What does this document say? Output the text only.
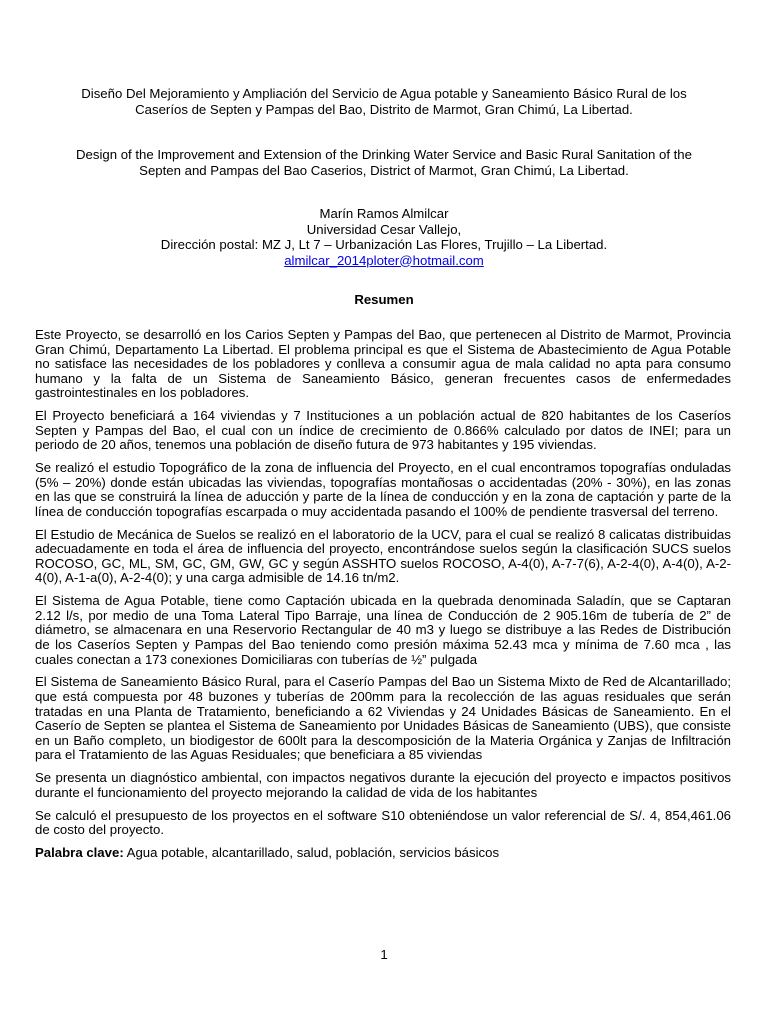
Diseño Del Mejoramiento y Ampliación del Servicio de Agua potable y Saneamiento Básico Rural de los
Caseríos de Septen y Pampas del Bao, Distrito de Marmot, Gran Chimú, La Libertad.
Design of the Improvement and Extension of the Drinking Water Service and Basic Rural Sanitation of the
Septen and Pampas del Bao Caserios, District of Marmot, Gran Chimú, La Libertad.
Marín Ramos Almilcar
Universidad Cesar Vallejo,
Dirección postal: MZ J, Lt 7 – Urbanización Las Flores, Trujillo – La Libertad.
almilcar_2014ploter@hotmail.com
Resumen

Este Proyecto, se desarrolló en los Carios Septen y Pampas del Bao, que pertenecen al Distrito de Marmot, Provincia Gran Chimú, Departamento La Libertad. El problema principal es que el Sistema de Abastecimiento de Agua Potable no satisface las necesidades de los pobladores y conlleva a consumir agua de mala calidad no apta para consumo humano y la falta de un Sistema de Saneamiento Básico, generan frecuentes casos de enfermedades gastrointestinales en los pobladores.

El Proyecto beneficiará a 164 viviendas y 7 Instituciones a un población actual de 820 habitantes de los Caseríos Septen y Pampas del Bao, el cual con un índice de crecimiento de 0.866% calculado por datos de INEI; para un periodo de 20 años, tenemos una población de diseño futura de 973 habitantes y 195 viviendas.

Se realizó el estudio Topográfico de la zona de influencia del Proyecto, en el cual encontramos topografías onduladas (5% – 20%) donde están ubicadas las viviendas, topografías montañosas o accidentadas (20% - 30%), en las zonas en las que se construirá la línea de aducción y parte de la línea de conducción y en la zona de captación y parte de la línea de conducción topografías escarpada o muy accidentada pasando el 100% de pendiente trasversal del terreno.

El Estudio de Mecánica de Suelos se realizó en el laboratorio de la UCV, para el cual se realizó 8 calicatas distribuidas adecuadamente en toda el área de influencia del proyecto, encontrándose suelos según la clasificación SUCS suelos ROCOSO, GC, ML, SM, GC, GM, GW, GC y según ASSHTO suelos ROCOSO, A-4(0), A-7-7(6), A-2-4(0), A-4(0), A-2-4(0), A-1-a(0), A-2-4(0); y una carga admisible de 14.16 tn/m2.

El Sistema de Agua Potable, tiene como Captación ubicada en la quebrada denominada Saladín, que se Captaran 2.12 l/s, por medio de una Toma Lateral Tipo Barraje, una línea de Conducción de 2 905.16m de tubería de 2” de diámetro, se almacenara en una Reservorio Rectangular de 40 m3 y luego se distribuye a las Redes de Distribución de los Caseríos Septen y Pampas del Bao teniendo como presión máxima 52.43 mca y mínima de 7.60 mca , las cuales conectan a 173 conexiones Domiciliaras con tuberías de ½” pulgada

El Sistema de Saneamiento Básico Rural, para el Caserío Pampas del Bao un Sistema Mixto de Red de Alcantarillado; que está compuesta por 48 buzones y tuberías de 200mm para la recolección de las aguas residuales que serán tratadas en una Planta de Tratamiento, beneficiando a 62 Viviendas y 24 Unidades Básicas de Saneamiento. En el Caserío de Septen se plantea el Sistema de Saneamiento por Unidades Básicas de Saneamiento (UBS), que consiste en un Baño completo, un biodigestor de 600lt para la descomposición de la Materia Orgánica y Zanjas de Infiltración para el Tratamiento de las Aguas Residuales; que beneficiara a 85 viviendas

Se presenta un diagnóstico ambiental, con impactos negativos durante la ejecución del proyecto e impactos positivos durante el funcionamiento del proyecto mejorando la calidad de vida de los habitantes

Se calculó el presupuesto de los proyectos en el software S10 obteniéndose un valor referencial de S/. 4, 854,461.06 de costo del proyecto.

Palabra clave: Agua potable, alcantarillado, salud, población, servicios básicos

1
